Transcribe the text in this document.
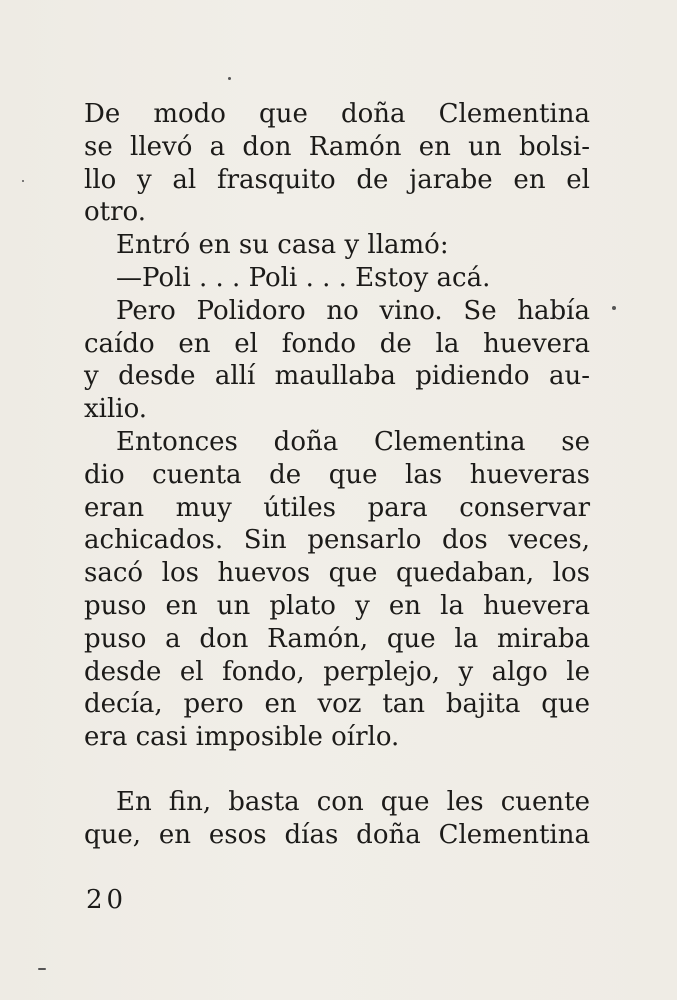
De modo que doña Clementina
se llevó a don Ramón en un bolsi-
llo y al frasquito de jarabe en el
otro.
Entró en su casa y llamó:
—Poli . . . Poli . . . Estoy acá.
Pero Polidoro no vino. Se había
caído en el fondo de la huevera
y desde allí maullaba pidiendo au-
xilio.
Entonces doña Clementina se
dio cuenta de que las hueveras
eran muy útiles para conservar
achicados. Sin pensarlo dos veces,
sacó los huevos que quedaban, los
puso en un plato y en la huevera
puso a don Ramón, que la miraba
desde el fondo, perplejo, y algo le
decía, pero en voz tan bajita que
era casi imposible oírlo.
En fin, basta con que les cuente
que, en esos días doña Clementina
20
